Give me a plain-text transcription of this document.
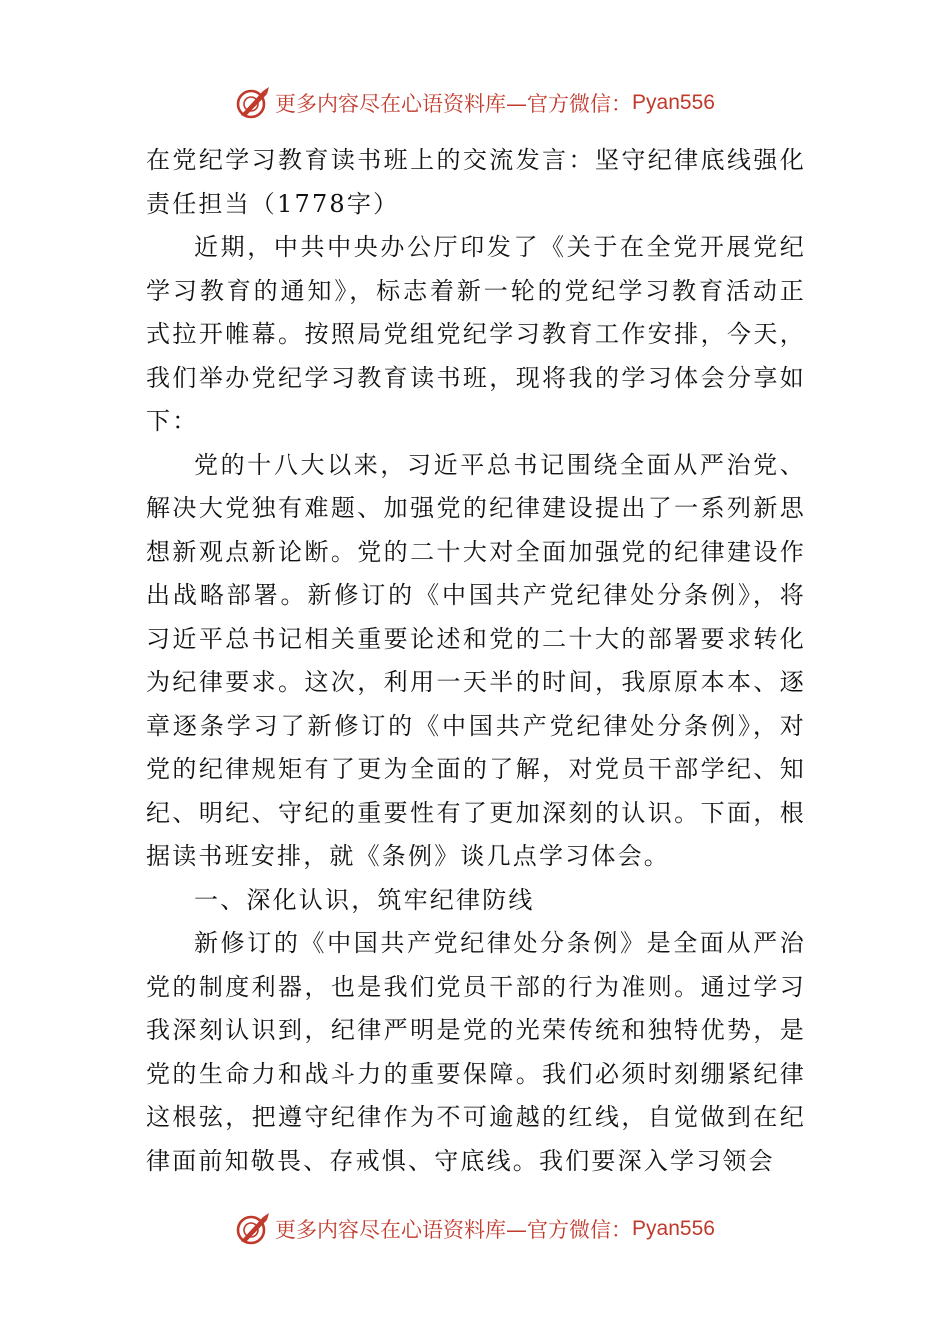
更多内容尽在心语资料库—官方微信： Pyan556

在党纪学习教育读书班上的交流发言：坚守纪律底线强化责任担当（1778字）

近期，中共中央办公厅印发了《关于在全党开展党纪学习教育的通知》，标志着新一轮的党纪学习教育活动正式拉开帷幕。按照局党组党纪学习教育工作安排，今天，我们举办党纪学习教育读书班，现将我的学习体会分享如下：

党的十八大以来，习近平总书记围绕全面从严治党、解决大党独有难题、加强党的纪律建设提出了一系列新思想新观点新论断。党的二十大对全面加强党的纪律建设作出战略部署。新修订的《中国共产党纪律处分条例》，将习近平总书记相关重要论述和党的二十大的部署要求转化为纪律要求。这次，利用一天半的时间，我原原本本、逐章逐条学习了新修订的《中国共产党纪律处分条例》，对党的纪律规矩有了更为全面的了解，对党员干部学纪、知纪、明纪、守纪的重要性有了更加深刻的认识。下面，根据读书班安排，就《条例》谈几点学习体会。

一、深化认识，筑牢纪律防线

新修订的《中国共产党纪律处分条例》是全面从严治党的制度利器，也是我们党员干部的行为准则。通过学习我深刻认识到，纪律严明是党的光荣传统和独特优势，是党的生命力和战斗力的重要保障。我们必须时刻绷紧纪律这根弦，把遵守纪律作为不可逾越的红线，自觉做到在纪律面前知敬畏、存戒惧、守底线。我们要深入学习领会

更多内容尽在心语资料库—官方微信： Pyan556
